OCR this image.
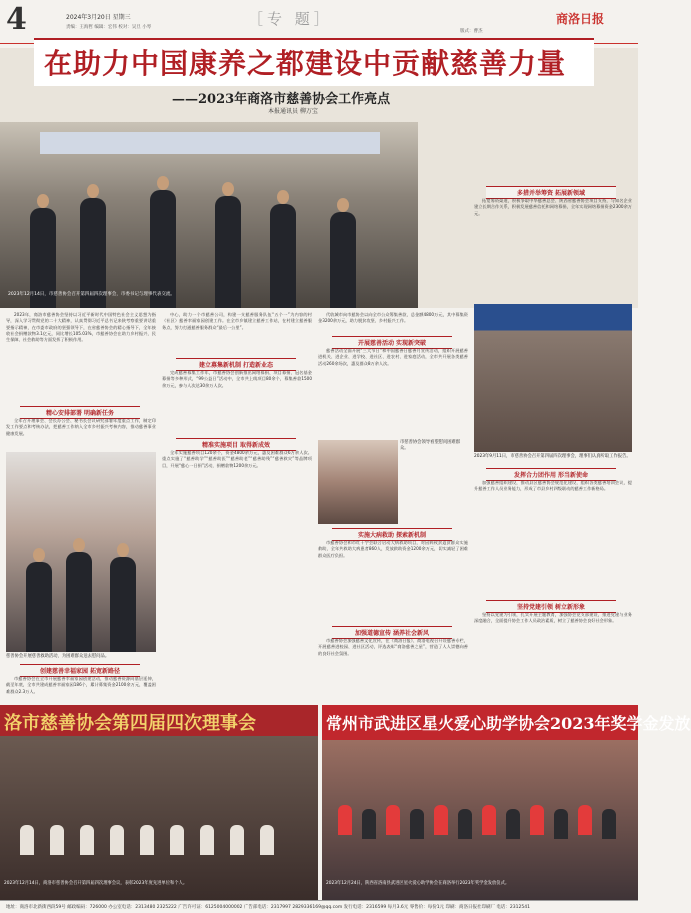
4	2024年3月20日 星期三
责编：王海哲 编辑：宏伟 校对：吴旦 小琴	［专 题］
版式：曹杰
商洛日报
在助力中国康养之都建设中贡献慈善力量
——2023年商洛市慈善协会工作亮点
本报通讯员 柳万宝
2023年12月14日，市慈善协会召开第四届四次理事会，市委书记与理事代表交流。

2023年，商洛市慈善协会坚持以习近平新时代中国特色社会主义思想为指导，深入学习贯彻党的二十大精神，认真贯彻习近平总书记来陕考察重要讲话重要指示精神，在市委市政府的坚强领导下，在省慈善协会的精心指导下，全年接收社会捐赠款物3.1亿元，同比增长105.03%，市慈善协会在助力乡村振兴、民生保障、社会救助等方面发挥了积极作用。

精心安排部署 明确新任务

全年召开理事会、会长办公会、秘书长会议研究部署年度重点工作，制定印发工作要点和考核办法，把慈善工作纳入全市乡村振兴考核内容，推动慈善事业健康发展。

慈善协会开展慈善救助活动，为困难群众送去慰问品。
创建慈善幸福家园 拓宽新路径

市慈善协会在全市开展慈善幸福家园创建活动，推动慈善资源向基层延伸，截至年底，全市共建成慈善幸福家园186个，累计募集资金2100余万元，覆盖困难群众2.3万人。

中心，助力一个市慈善公司，构建一支慈善服务队伍“五个一”为内容的村（社区）慈善幸福家园创建工作。在全市乡镇建立慈善工作站，在村建立慈善服务点，努力打通慈善服务群众“最后一公里”。

建立募集新机制 打造新业态

完成慈善募集工作年，市慈善协会创新推出网络募捐、项目募捐、冠名基金募捐等多种形式，“99公益日”活动中，全市共上线项目80余个，募集善款1500余万元，参与人次达30余万人次。

精准实施项目 取得新成效

全年实施慈善项目120余个，资金4800余万元，惠及困难群众6万余人次。重点实施了“慈善助学”“慈善助医”“慈善助老”“慈善助残”“慈善救灾”等品牌项目，开展“慈心一日捐”活动，捐赠款物1200余万元。

代收城市向市慈协会以向全市公众筹集善款，总金额4800万元，其中募集资金3200余万元，助力脱贫攻坚、乡村振兴工作。

开展慈善活动 实现新突破

慈善活动全面开展“三大节日”和中国慈善日慈善月宣传活动，组织开展慈善进机关、进企业、进学校、进社区、进农村、进家庭活动，全市共开展各类慈善活动260余场次，惠及群众8万余人次。

市慈善协会领导看望慰问困难群众。
实施大病救助 探索新机制

市慈善协会和市红十字会联合启动大病救助项目，对因病致贫返贫群众实施救助，全年共救助大病患者860人，发放救助资金1200余万元，切实减轻了困难群众医疗负担。

加强道德宣传 涵养社会新风

市慈善协会加强慈善文化宣传，在《商洛日报》、商洛电视台开设慈善专栏，开展慈善进校园、进社区活动，评选表彰“商洛慈善之星”，营造了人人崇德向善的良好社会氛围。

多措并举筹资 拓展新领域

拓宽筹资渠道，积极争取中华慈善总会、陕西省慈善协会项目支持，与知名企业建立长期合作关系，积极发展慈善信托和网络募捐，全年实现网络募捐资金2300余万元。

2023年9月11日，市慈善协会召开第四届四次理事会，理事们认真听取工作报告。
发挥合力团作用 形当新使命

加强慈善组织建设，推动县区慈善协会规范化建设，组织各类慈善培训会议，提升慈善工作人员业务能力，形成了市县乡村四级联动的慈善工作新格局。

坚持党建引领 树立新形象

坚持以党建为引领，扎实开展主题教育，加强协会党支部建设，推进党建与业务深度融合，全面提升协会工作人员政治素质，树立了慈善协会良好社会形象。

洛市慈善协会第四届四次理事会
2023年12月14日，商洛市慈善协会召开第四届四次理事会议，表彰2023年度先进单位和个人。
常州市武进区星火爱心助学协会2023年奖学金发放
2023年12月24日，陕西省洛南县武进区星火爱心助学协会在商洛举行2023年奖学金发放仪式。
地址：商洛市北新街西段59号 邮政编码：726000 办公室电话：2313480 2325222 广告许可证：6125004000002 广告部电话：2317997 2829336169@qq.com 发行电话：2316599 每月3.6元 零售价：每份1元 印刷：商洛日报社印刷厂 电话：2312541
